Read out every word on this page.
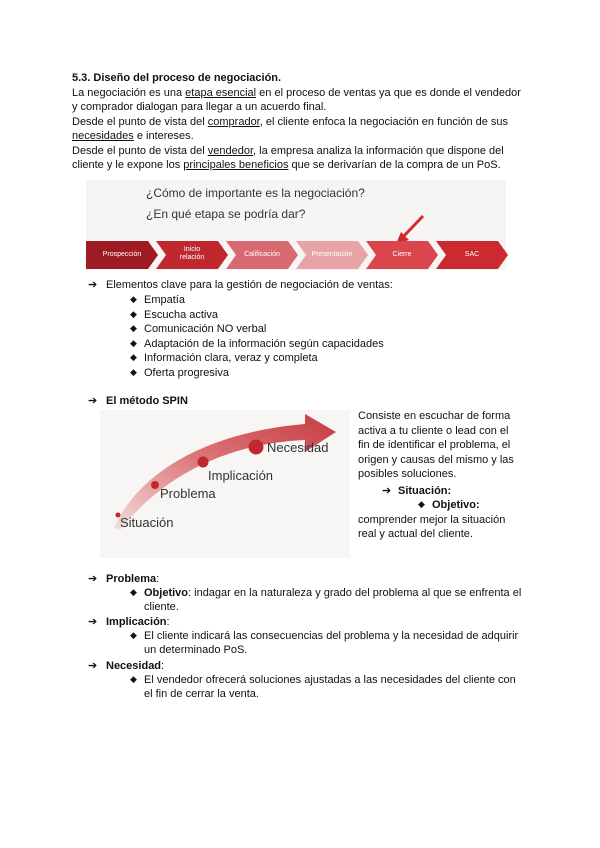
5.3. Diseño del proceso de negociación.
La negociación es una etapa esencial en el proceso de ventas ya que es donde el vendedor
y comprador dialogan para llegar a un acuerdo final.
Desde el punto de vista del comprador, el cliente enfoca la negociación en función de sus
necesidades e intereses.
Desde el punto de vista del vendedor, la empresa analiza la información que dispone del
cliente y le expone los principales beneficios que se derivarían de la compra de un PoS.
¿Cómo de importante es la negociación?
¿En qué etapa se podría dar?
Prospección
Inicio relación	Calificación	Presentación	Cierre	SAC
➔ Elementos clave para la gestión de negociación de ventas:
◆ Empatía
◆ Escucha activa
◆ Comunicación NO verbal
◆ Adaptación de la información según capacidades
◆ Información clara, veraz y completa
◆ Oferta progresiva
➔ El método SPIN
Situación
Problema
Implicación
Necesidad
Consiste en escuchar de forma
activa a tu cliente o lead con el
fin de identificar el problema, el
origen y causas del mismo y las
posibles soluciones.
➔ Situación:
◆ Objetivo:
comprender mejor la situación
real y actual del cliente.
➔ Problema:
◆ Objetivo: indagar en la naturaleza y grado del problema al que se enfrenta el
cliente.
➔ Implicación:
◆ El cliente indicará las consecuencias del problema y la necesidad de adquirir
un determinado PoS.
➔ Necesidad:
◆ El vendedor ofrecerá soluciones ajustadas a las necesidades del cliente con
el fin de cerrar la venta.
